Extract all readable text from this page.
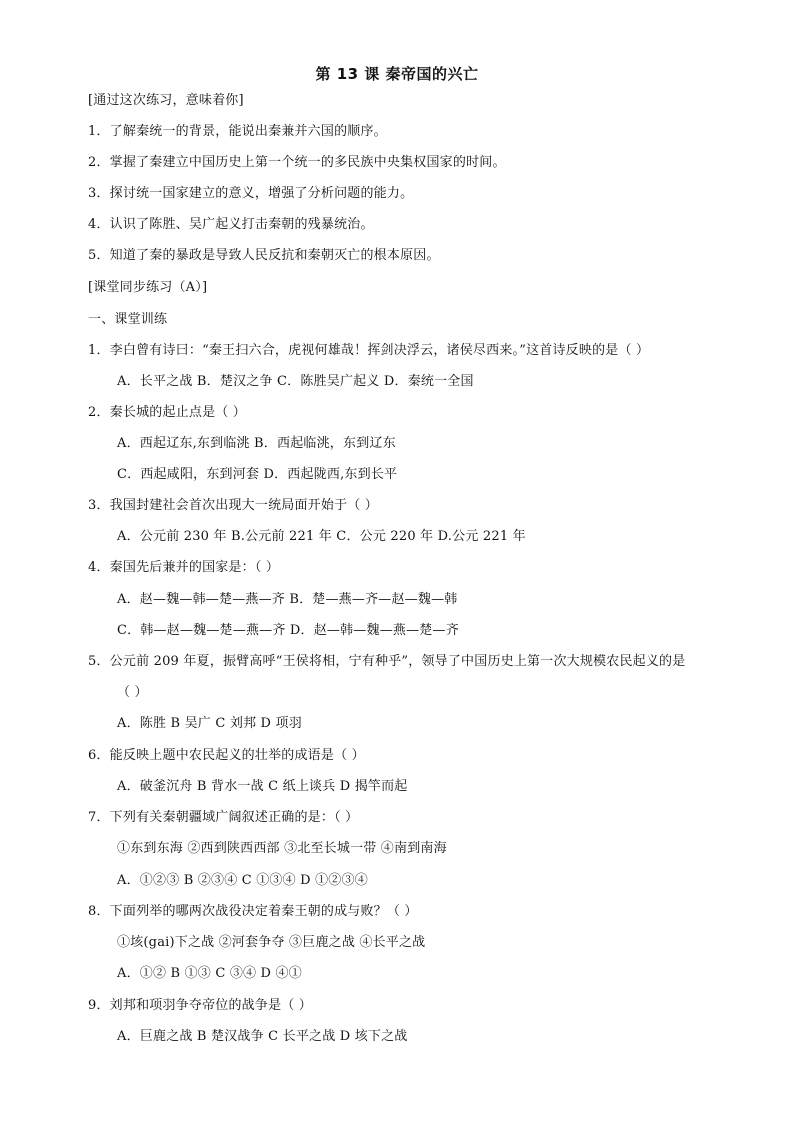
第 13 课 秦帝国的兴亡
[通过这次练习，意味着你]
1．了解秦统一的背景，能说出秦兼并六国的顺序。
2．掌握了秦建立中国历史上第一个统一的多民族中央集权国家的时间。
3．探讨统一国家建立的意义，增强了分析问题的能力。
4．认识了陈胜、吴广起义打击秦朝的残暴统治。
5．知道了秦的暴政是导致人民反抗和秦朝灭亡的根本原因。
[课堂同步练习（A）]
一、课堂训练
1．李白曾有诗曰：“秦王扫六合，虎视何雄哉！挥剑决浮云，诸侯尽西来。”这首诗反映的是（ ）
A．长平之战 B．楚汉之争 C．陈胜吴广起义 D．秦统一全国
2．秦长城的起止点是（ ）
A．西起辽东,东到临洮 B．西起临洮，东到辽东
C．西起咸阳，东到河套 D．西起陇西,东到长平
3．我国封建社会首次出现大一统局面开始于（ ）
A．公元前 230 年 B.公元前 221 年 C．公元 220 年 D.公元 221 年
4．秦国先后兼并的国家是：（ ）
A．赵—魏—韩—楚—燕—齐 B．楚—燕—齐—赵—魏—韩
C．韩—赵—魏—楚—燕—齐 D．赵—韩—魏—燕—楚—齐
5．公元前 209 年夏，振臂高呼“王侯将相，宁有种乎”，领导了中国历史上第一次大规模农民起义的是
（ ）
A．陈胜 B 吴广 C 刘邦 D 项羽
6．能反映上题中农民起义的壮举的成语是（ ）
A．破釜沉舟 B 背水一战 C 纸上谈兵 D 揭竿而起
7．下列有关秦朝疆域广阔叙述正确的是：（ ）
①东到东海 ②西到陕西西部 ③北至长城一带 ④南到南海
A．①②③ B ②③④ C ①③④ D ①②③④
8．下面列举的哪两次战役决定着秦王朝的成与败？（ ）
①垓(gai)下之战 ②河套争夺 ③巨鹿之战 ④长平之战
A．①② B ①③ C ③④ D ④①
9．刘邦和项羽争夺帝位的战争是（ ）
A．巨鹿之战 B 楚汉战争 C 长平之战 D 垓下之战
